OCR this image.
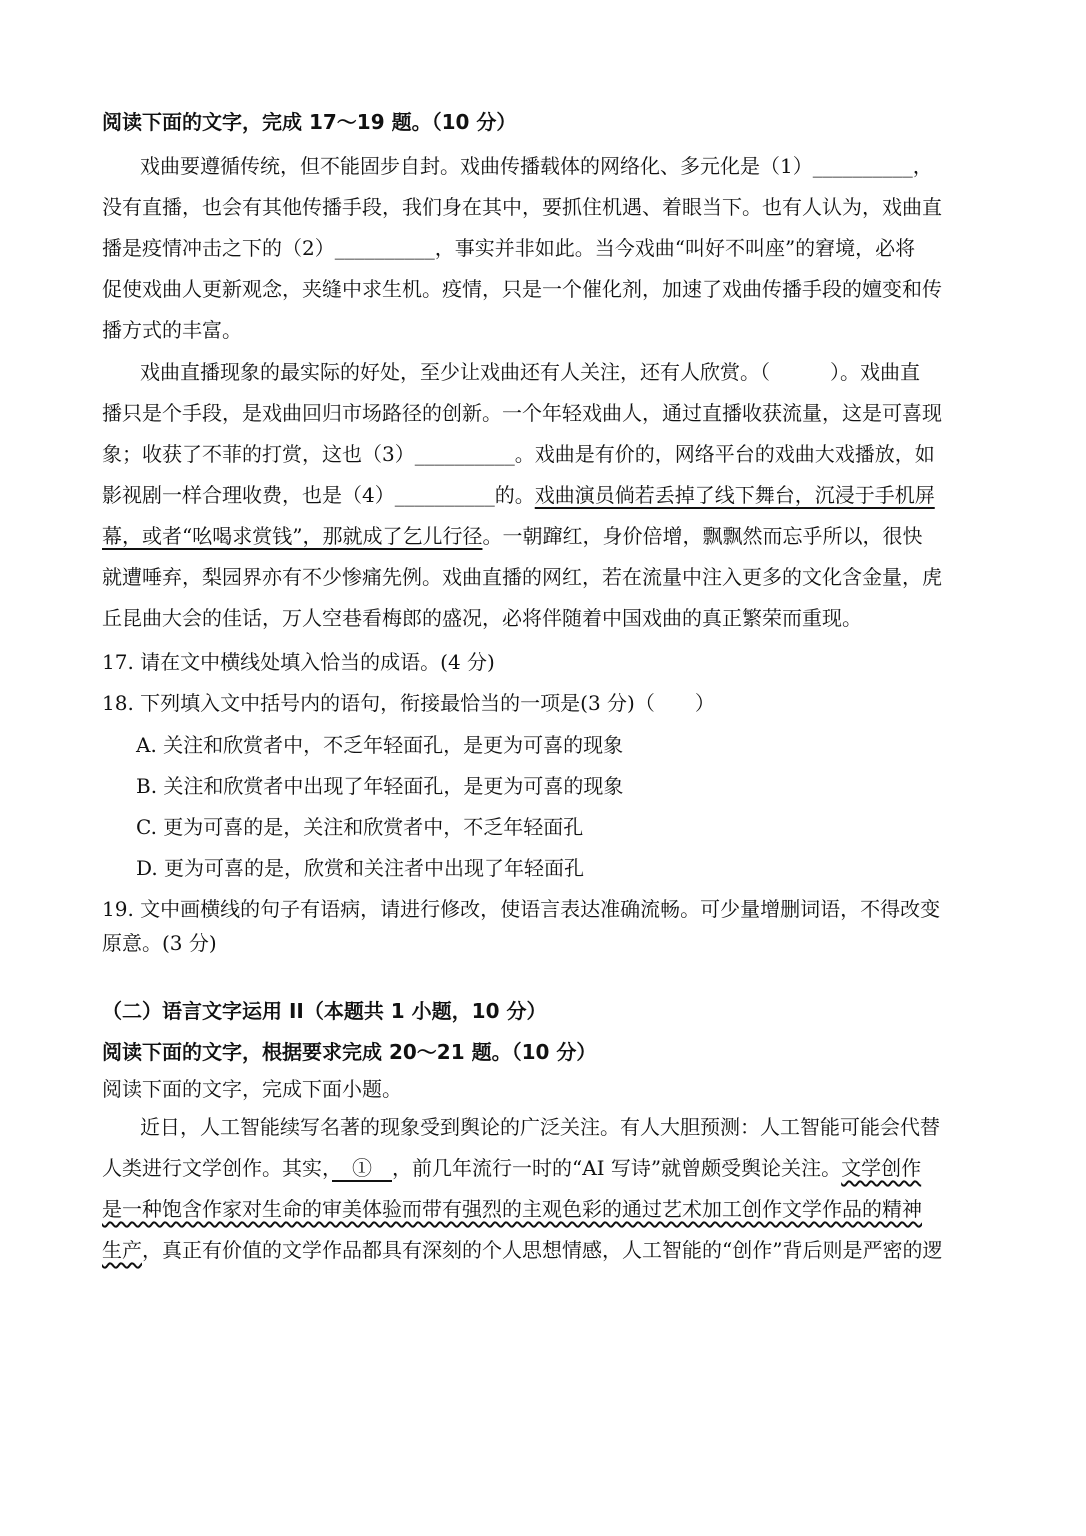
阅读下面的文字，完成 17～19 题。（10 分）
戏曲要遵循传统，但不能固步自封。戏曲传播载体的网络化、多元化是（1）__________，
没有直播，也会有其他传播手段，我们身在其中，要抓住机遇、着眼当下。也有人认为，戏曲直
播是疫情冲击之下的（2）__________，事实并非如此。当今戏曲“叫好不叫座”的窘境，必将
促使戏曲人更新观念，夹缝中求生机。疫情，只是一个催化剂，加速了戏曲传播手段的嬗变和传
播方式的丰富。
戏曲直播现象的最实际的好处，至少让戏曲还有人关注，还有人欣赏。（　　　）。戏曲直
播只是个手段，是戏曲回归市场路径的创新。一个年轻戏曲人，通过直播收获流量，这是可喜现
象；收获了不菲的打赏，这也（3）__________。戏曲是有价的，网络平台的戏曲大戏播放，如
影视剧一样合理收费，也是（4）__________的。戏曲演员倘若丢掉了线下舞台，沉浸于手机屏
幕，或者“吆喝求赏钱”，那就成了乞儿行径。一朝蹿红，身价倍增，飘飘然而忘乎所以，很快
就遭唾弃，梨园界亦有不少惨痛先例。戏曲直播的网红，若在流量中注入更多的文化含金量，虎
丘昆曲大会的佳话，万人空巷看梅郎的盛况，必将伴随着中国戏曲的真正繁荣而重现。
17. 请在文中横线处填入恰当的成语。(4 分)
18. 下列填入文中括号内的语句，衔接最恰当的一项是(3 分)（　　）
A. 关注和欣赏者中，不乏年轻面孔，是更为可喜的现象
B. 关注和欣赏者中出现了年轻面孔，是更为可喜的现象
C. 更为可喜的是，关注和欣赏者中，不乏年轻面孔
D. 更为可喜的是，欣赏和关注者中出现了年轻面孔
19. 文中画横线的句子有语病，请进行修改，使语言表达准确流畅。可少量增删词语，不得改变
原意。(3 分)
（二）语言文字运用 II（本题共 1 小题，10 分）
阅读下面的文字，根据要求完成 20～21 题。（10 分）
阅读下面的文字，完成下面小题。
近日，人工智能续写名著的现象受到舆论的广泛关注。有人大胆预测：人工智能可能会代替
人类进行文学创作。其实，　①　，前几年流行一时的“AI 写诗”就曾颇受舆论关注。文学创作
是一种饱含作家对生命的审美体验而带有强烈的主观色彩的通过艺术加工创作文学作品的精神
生产，真正有价值的文学作品都具有深刻的个人思想情感，人工智能的“创作”背后则是严密的逻
